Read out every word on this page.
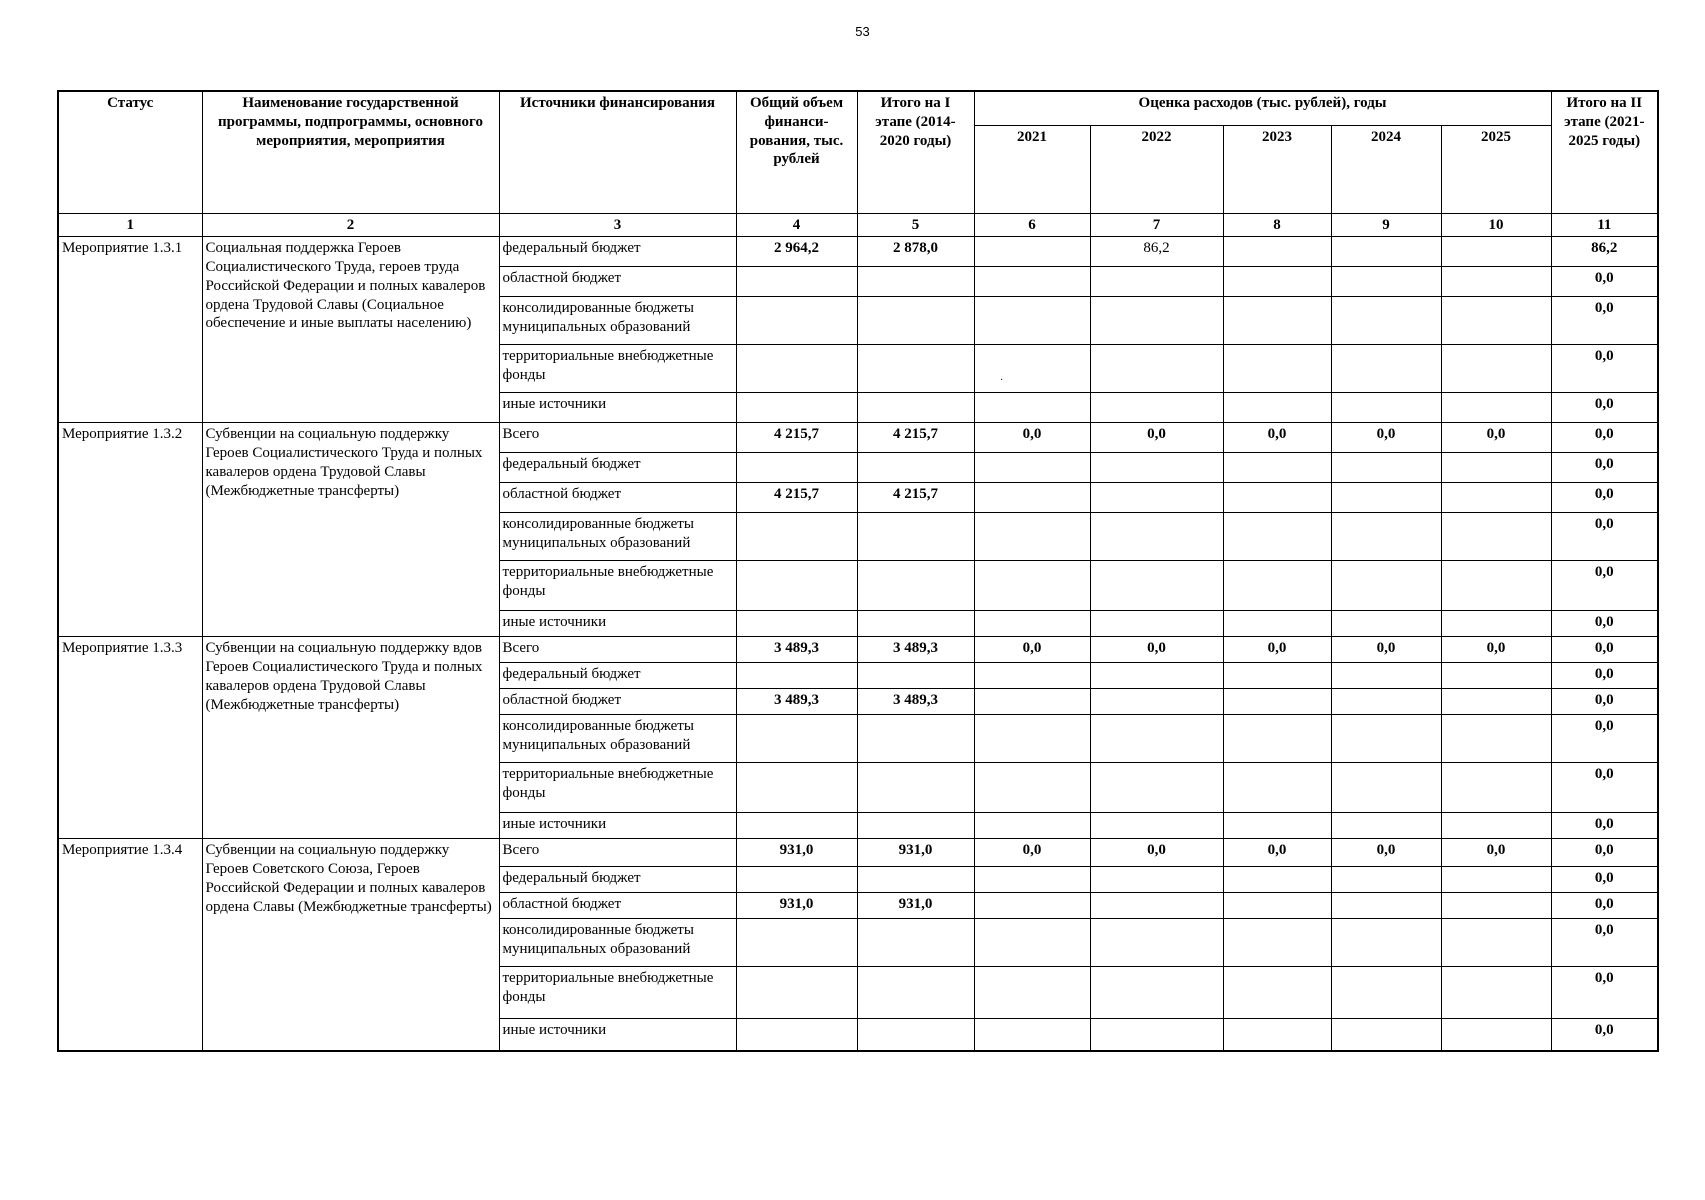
53
Статус	Наименование государственной программы, подпрограммы, основного мероприятия, мероприятия	Источники финансирования	Общий объем финанси-рования, тыс. рублей	Итого на I этапе (2014-2020 годы)	Оценка расходов (тыс. рублей), годы					Итого на II этапе (2021-2025 годы)
					2021	2022	2023	2024	2025	
1	2	3	4	5	6	7	8	9	10	11
Мероприятие 1.3.1	Социальная поддержка Героев Социалистического Труда, героев труда Российской Федерации и полных кавалеров ордена Трудовой Славы (Социальное обеспечение и иные выплаты населению)	федеральный бюджет	2 964,2	2 878,0		86,2				86,2
		областной бюджет								0,0
		консолидированные бюджеты муниципальных образований								0,0
		территориальные внебюджетные фонды								0,0
		иные источники								0,0
Мероприятие 1.3.2	Субвенции на социальную поддержку Героев Социалистического Труда и полных кавалеров ордена Трудовой Славы (Межбюджетные трансферты)	Всего	4 215,7	4 215,7	0,0	0,0	0,0	0,0	0,0	0,0
		федеральный бюджет								0,0
		областной бюджет	4 215,7	4 215,7						0,0
		консолидированные бюджеты муниципальных образований								0,0
		территориальные внебюджетные фонды								0,0
		иные источники								0,0
Мероприятие 1.3.3	Субвенции на социальную поддержку вдов Героев Социалистического Труда и полных кавалеров ордена Трудовой Славы (Межбюджетные трансферты)	Всего	3 489,3	3 489,3	0,0	0,0	0,0	0,0	0,0	0,0
		федеральный бюджет								0,0
		областной бюджет	3 489,3	3 489,3						0,0
		консолидированные бюджеты муниципальных образований								0,0
		территориальные внебюджетные фонды								0,0
		иные источники								0,0
Мероприятие 1.3.4	Субвенции на социальную поддержку Героев Советского Союза, Героев Российской Федерации и полных кавалеров ордена Славы (Межбюджетные трансферты)	Всего	931,0	931,0	0,0	0,0	0,0	0,0	0,0	0,0
		федеральный бюджет								0,0
		областной бюджет	931,0	931,0						0,0
		консолидированные бюджеты муниципальных образований								0,0
		территориальные внебюджетные фонды								0,0
		иные источники								0,0
·
